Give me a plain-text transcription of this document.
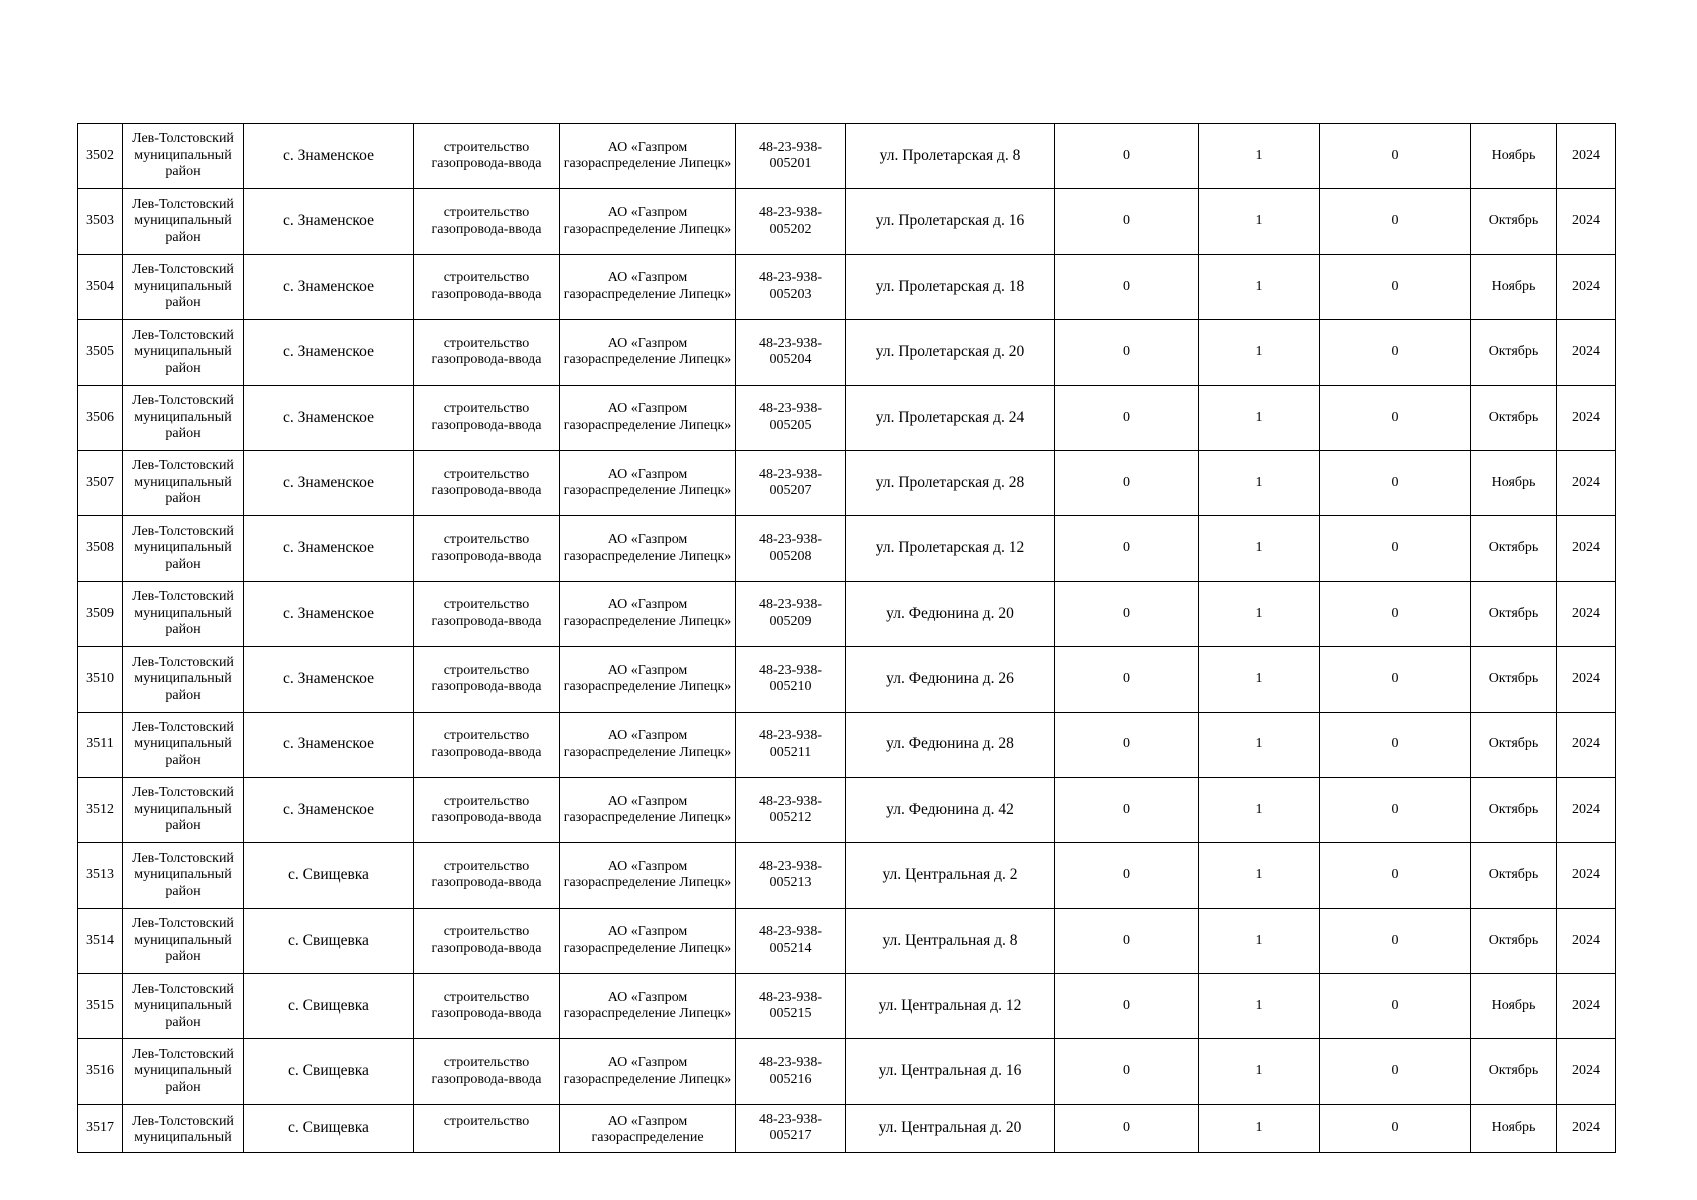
3502	Лев-Толстовский муниципальный район	с. Знаменское	строительство газопровода-ввода	АО «Газпром газораспределение Липецк»	48-23-938-005201	ул. Пролетарская д. 8	0	1	0	Ноябрь	2024
3503	Лев-Толстовский муниципальный район	с. Знаменское	строительство газопровода-ввода	АО «Газпром газораспределение Липецк»	48-23-938-005202	ул. Пролетарская д. 16	0	1	0	Октябрь	2024
3504	Лев-Толстовский муниципальный район	с. Знаменское	строительство газопровода-ввода	АО «Газпром газораспределение Липецк»	48-23-938-005203	ул. Пролетарская д. 18	0	1	0	Ноябрь	2024
3505	Лев-Толстовский муниципальный район	с. Знаменское	строительство газопровода-ввода	АО «Газпром газораспределение Липецк»	48-23-938-005204	ул. Пролетарская д. 20	0	1	0	Октябрь	2024
3506	Лев-Толстовский муниципальный район	с. Знаменское	строительство газопровода-ввода	АО «Газпром газораспределение Липецк»	48-23-938-005205	ул. Пролетарская д. 24	0	1	0	Октябрь	2024
3507	Лев-Толстовский муниципальный район	с. Знаменское	строительство газопровода-ввода	АО «Газпром газораспределение Липецк»	48-23-938-005207	ул. Пролетарская д. 28	0	1	0	Ноябрь	2024
3508	Лев-Толстовский муниципальный район	с. Знаменское	строительство газопровода-ввода	АО «Газпром газораспределение Липецк»	48-23-938-005208	ул. Пролетарская д. 12	0	1	0	Октябрь	2024
3509	Лев-Толстовский муниципальный район	с. Знаменское	строительство газопровода-ввода	АО «Газпром газораспределение Липецк»	48-23-938-005209	ул. Федюнина д. 20	0	1	0	Октябрь	2024
3510	Лев-Толстовский муниципальный район	с. Знаменское	строительство газопровода-ввода	АО «Газпром газораспределение Липецк»	48-23-938-005210	ул. Федюнина д. 26	0	1	0	Октябрь	2024
3511	Лев-Толстовский муниципальный район	с. Знаменское	строительство газопровода-ввода	АО «Газпром газораспределение Липецк»	48-23-938-005211	ул. Федюнина д. 28	0	1	0	Октябрь	2024
3512	Лев-Толстовский муниципальный район	с. Знаменское	строительство газопровода-ввода	АО «Газпром газораспределение Липецк»	48-23-938-005212	ул. Федюнина д. 42	0	1	0	Октябрь	2024
3513	Лев-Толстовский муниципальный район	с. Свищевка	строительство газопровода-ввода	АО «Газпром газораспределение Липецк»	48-23-938-005213	ул. Центральная д. 2	0	1	0	Октябрь	2024
3514	Лев-Толстовский муниципальный район	с. Свищевка	строительство газопровода-ввода	АО «Газпром газораспределение Липецк»	48-23-938-005214	ул. Центральная д. 8	0	1	0	Октябрь	2024
3515	Лев-Толстовский муниципальный район	с. Свищевка	строительство газопровода-ввода	АО «Газпром газораспределение Липецк»	48-23-938-005215	ул. Центральная д. 12	0	1	0	Ноябрь	2024
3516	Лев-Толстовский муниципальный район	с. Свищевка	строительство газопровода-ввода	АО «Газпром газораспределение Липецк»	48-23-938-005216	ул. Центральная д. 16	0	1	0	Октябрь	2024
3517	Лев-Толстовский муниципальный	с. Свищевка	строительство	АО «Газпром газораспределение	48-23-938-005217	ул. Центральная д. 20	0	1	0	Ноябрь	2024
